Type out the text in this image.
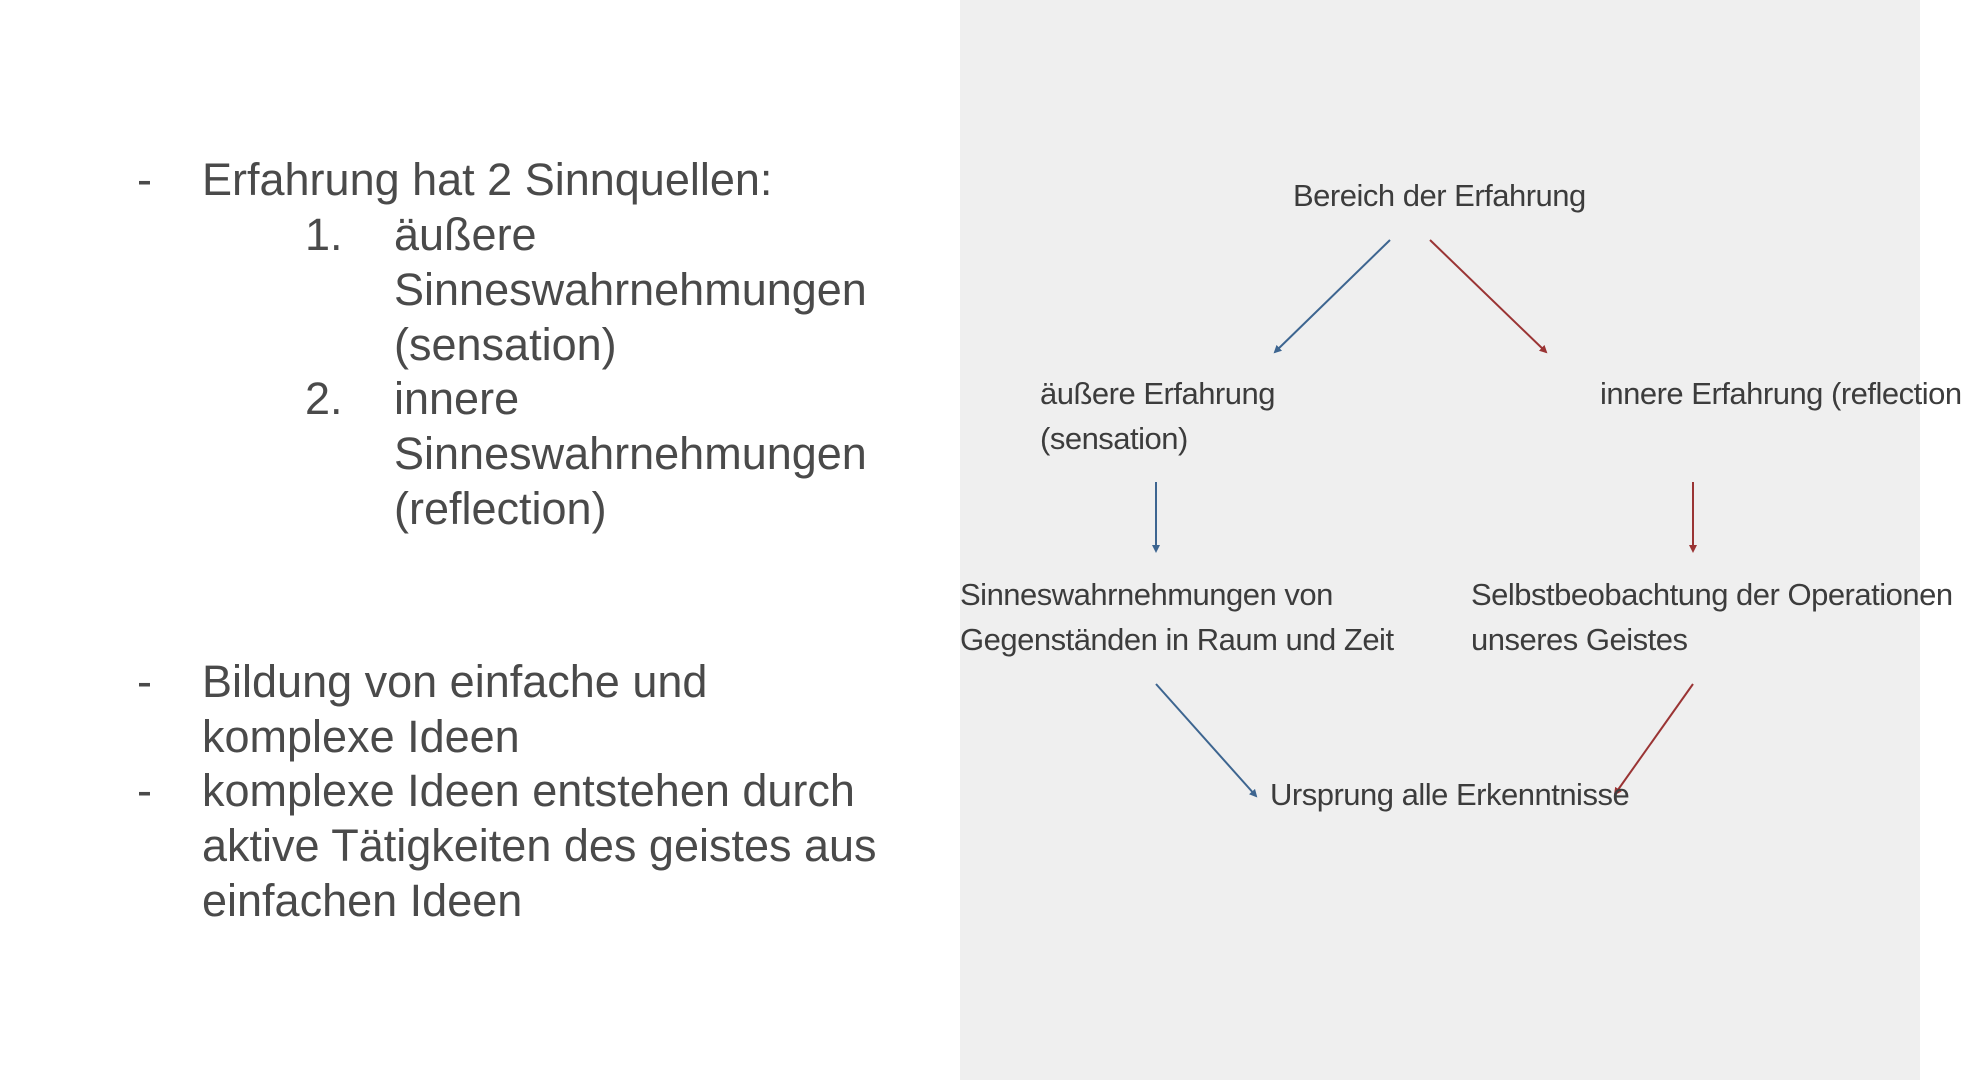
- Erfahrung hat 2 Sinnquellen:
1. äußere
Sinneswahrnehmungen
(sensation)
2. innere
Sinneswahrnehmungen
(reflection)
- Bildung von einfache und
komplexe Ideen
- komplexe Ideen entstehen durch
aktive Tätigkeiten des geistes aus
einfachen Ideen
Bereich der Erfahrung
äußere Erfahrung
(sensation)
innere Erfahrung (reflection
Sinneswahrnehmungen von
Gegenständen in Raum und Zeit
Selbstbeobachtung der Operationen
unseres Geistes
Ursprung alle Erkenntnisse
